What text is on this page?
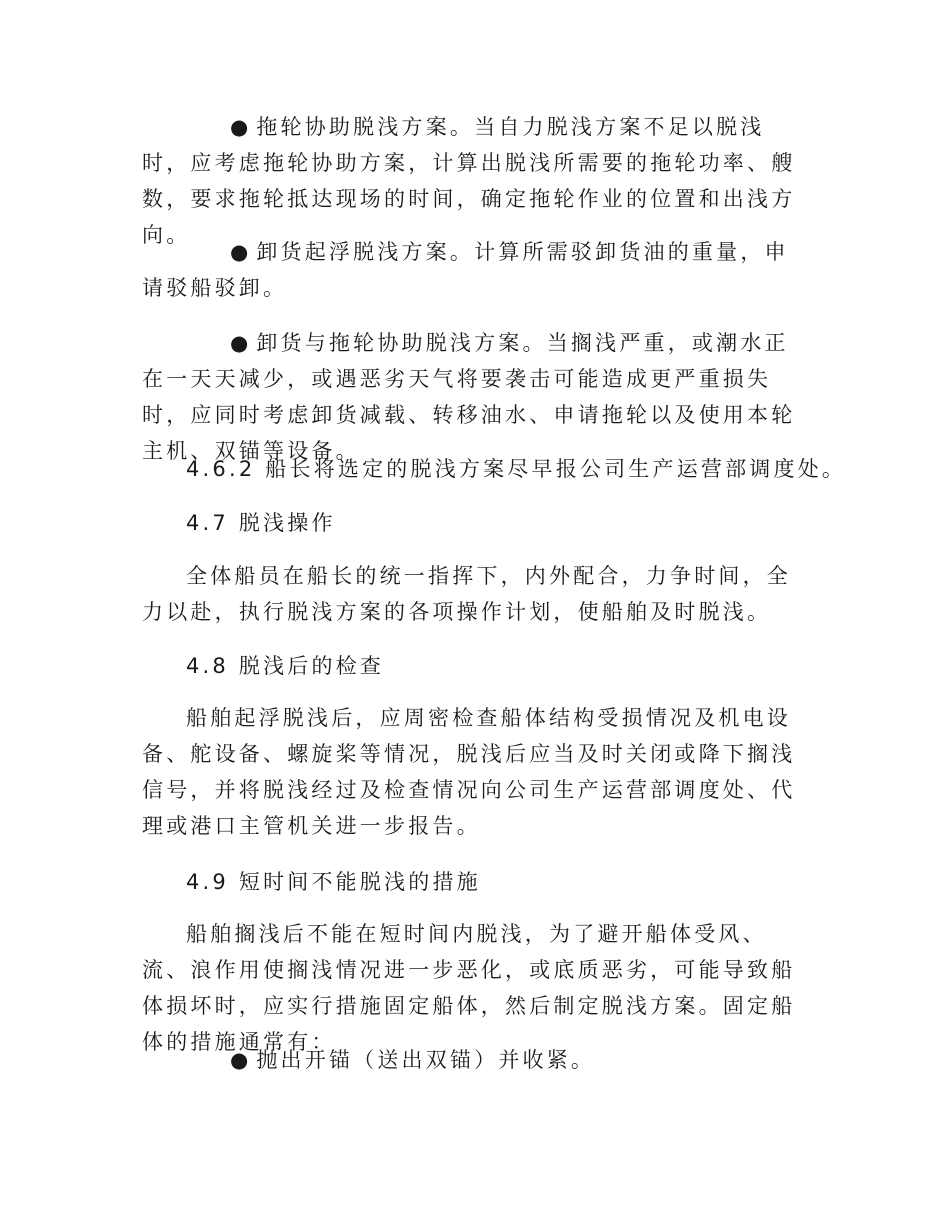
● 拖轮协助脱浅方案。当自力脱浅方案不足以脱浅时，应考虑拖轮协助方案，计算出脱浅所需要的拖轮功率、艘数，要求拖轮抵达现场的时间，确定拖轮作业的位置和出浅方向。

● 卸货起浮脱浅方案。计算所需驳卸货油的重量，申请驳船驳卸。

● 卸货与拖轮协助脱浅方案。当搁浅严重，或潮水正在一天天减少，或遇恶劣天气将要袭击可能造成更严重损失时，应同时考虑卸货减载、转移油水、申请拖轮以及使用本轮主机、双锚等设备。

4.6.2 船长将选定的脱浅方案尽早报公司生产运营部调度处。

4.7 脱浅操作

全体船员在船长的统一指挥下，内外配合，力争时间，全力以赴，执行脱浅方案的各项操作计划，使船舶及时脱浅。

4.8 脱浅后的检查

船舶起浮脱浅后，应周密检查船体结构受损情况及机电设备、舵设备、螺旋桨等情况，脱浅后应当及时关闭或降下搁浅信号，并将脱浅经过及检查情况向公司生产运营部调度处、代理或港口主管机关进一步报告。

4.9 短时间不能脱浅的措施

船舶搁浅后不能在短时间内脱浅，为了避开船体受风、流、浪作用使搁浅情况进一步恶化，或底质恶劣，可能导致船体损坏时，应实行措施固定船体，然后制定脱浅方案。固定船体的措施通常有：

● 抛出开锚（送出双锚）并收紧。
